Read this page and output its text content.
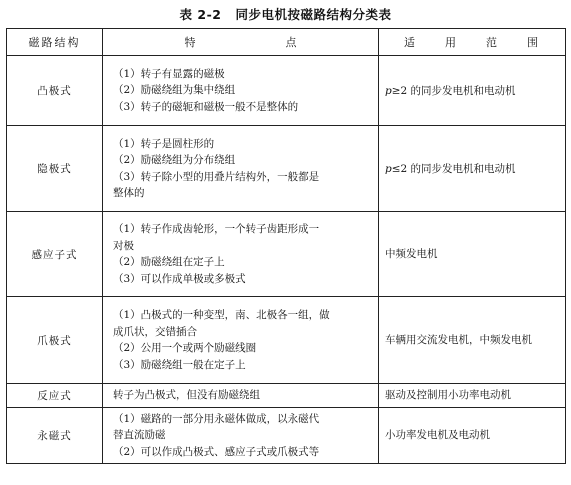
表 2-2 同步电机按磁路结构分类表
磁路结构	特 点	适 用 范 围
凸极式	（1）转子有显露的磁极
（2）励磁绕组为集中绕组
（3）转子的磁轭和磁极一般不是整体的	p≥2 的同步发电机和电动机
隐极式	（1）转子是圆柱形的
（2）励磁绕组为分布绕组
（3）转子除小型的用叠片结构外，一般都是
整体的	p≤2 的同步发电机和电动机
感应子式	（1）转子作成齿轮形，一个转子齿距形成一
对极
（2）励磁绕组在定子上
（3）可以作成单极或多极式	中频发电机
爪极式	（1）凸极式的一种变型，南、北极各一组，做
成爪状，交错插合
（2）公用一个或两个励磁线圈
（3）励磁绕组一般在定子上	车辆用交流发电机，中频发电机
反应式	转子为凸极式，但没有励磁绕组	驱动及控制用小功率电动机
永磁式	（1）磁路的一部分用永磁体做成，以永磁代
替直流励磁
（2）可以作成凸极式、感应子式或爪极式等	小功率发电机及电动机
